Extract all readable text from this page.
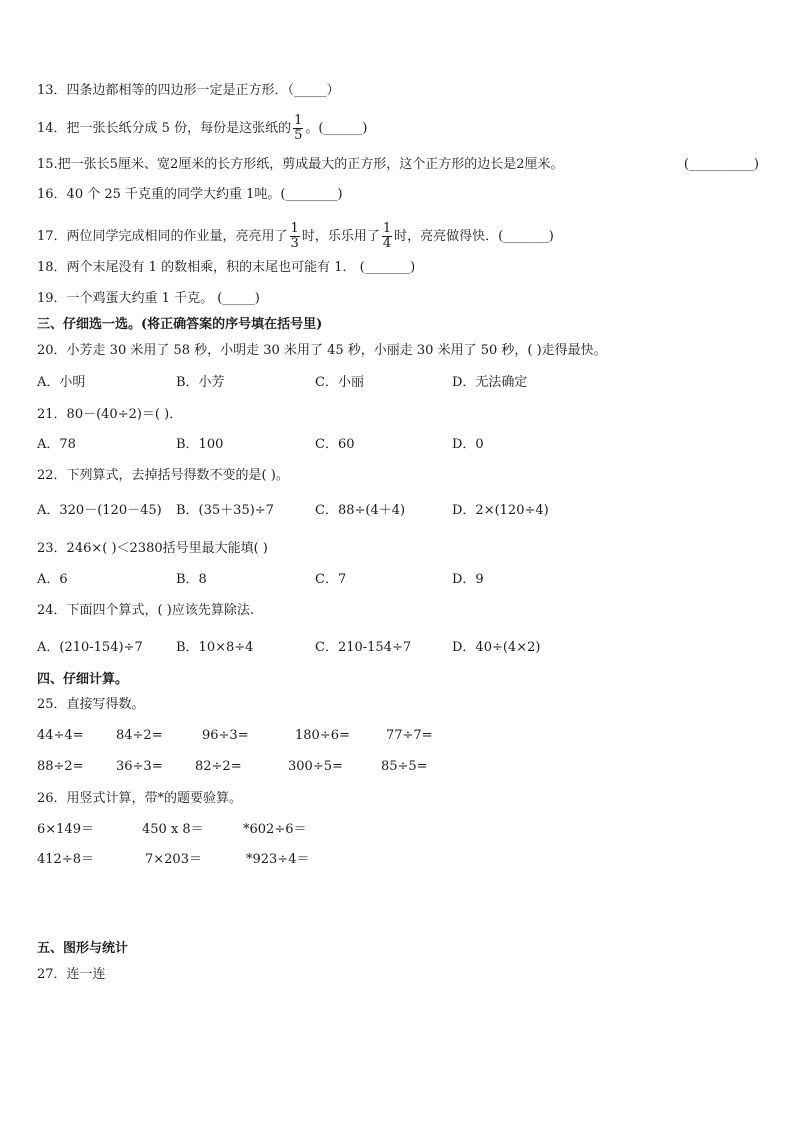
13．四条边都相等的四边形一定是正方形．（_____）
14．把一张长纸分成 5 份，每份是这张纸的 $\frac{1}{5}$ 。(______)
15.把一张长5厘米、宽2厘米的长方形纸，剪成最大的正方形，这个正方形的边长是2厘米。	(__________)
16．40 个 25 千克重的同学大约重 1吨。(________)
17．两位同学完成相同的作业量，亮亮用了 $\frac{1}{3}$ 时，乐乐用了 $\frac{1}{4}$ 时，亮亮做得快．(_______)
18．两个末尾没有 1 的数相乘，积的末尾也可能有 1． (_______)
19．一个鸡蛋大约重 1 千克。 (_____)
三、仔细选一选。(将正确答案的序号填在括号里)
20．小芳走 30 米用了 58 秒，小明走 30 米用了 45 秒，小丽走 30 米用了 50 秒，( )走得最快。
A．小明	B．小芳	C．小丽	D．无法确定
21．80－(40÷2)＝( )．
A．78	B．100	C．60	D．0
22．下列算式，去掉括号得数不变的是( )。
A．320－(120－45) B．(35＋35)÷7	C．88÷(4＋4)	D．2×(120÷4)
23．246×( )＜2380括号里最大能填( )
A．6	B．8	C．7	D．9
24．下面四个算式，( )应该先算除法.
A．(210-154)÷7	B．10×8÷4	C．210-154÷7	D．40÷(4×2)
四、仔细计算。
25．直接写得数。
44÷4= 84÷2=	96÷3=	180÷6=	77÷7=
88÷2= 36÷3= 82÷2=	300÷5=	85÷5=
26．用竖式计算，带*的题要验算。
6×149＝	450 x 8＝	*602÷6＝
412÷8＝	7×203＝	*923÷4＝
五、图形与统计
27．连一连
